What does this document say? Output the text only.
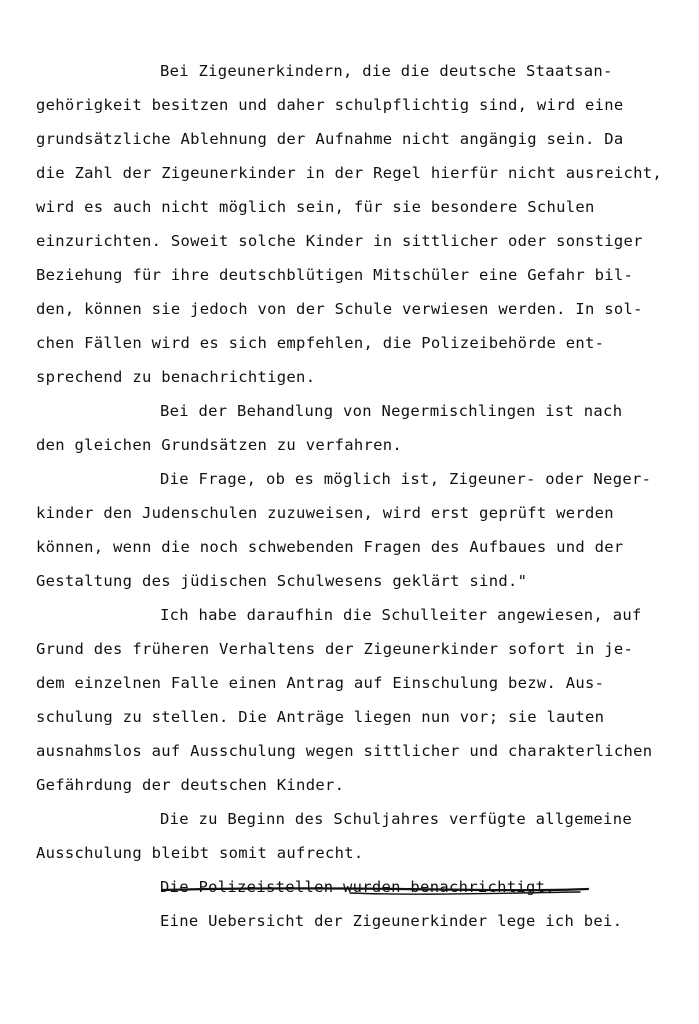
Bei Zigeunerkindern, die die deutsche Staatsan-
gehörigkeit besitzen und daher schulpflichtig sind, wird eine
grundsätzliche Ablehnung der Aufnahme nicht angängig sein. Da
die Zahl der Zigeunerkinder in der Regel hierfür nicht ausreicht,
wird es auch nicht möglich sein, für sie besondere Schulen
einzurichten. Soweit solche Kinder in sittlicher oder sonstiger
Beziehung für ihre deutschblütigen Mitschüler eine Gefahr bil-
den, können sie jedoch von der Schule verwiesen werden. In sol-
chen Fällen wird es sich empfehlen, die Polizeibehörde ent-
sprechend zu benachrichtigen.
Bei der Behandlung von Negermischlingen ist nach
den gleichen Grundsätzen zu verfahren.
Die Frage, ob es möglich ist, Zigeuner- oder Neger-
kinder den Judenschulen zuzuweisen, wird erst geprüft werden
können, wenn die noch schwebenden Fragen des Aufbaues und der
Gestaltung des jüdischen Schulwesens geklärt sind."
Ich habe daraufhin die Schulleiter angewiesen, auf
Grund des früheren Verhaltens der Zigeunerkinder sofort in je-
dem einzelnen Falle einen Antrag auf Einschulung bezw. Aus-
schulung zu stellen. Die Anträge liegen nun vor; sie lauten
ausnahmslos auf Ausschulung wegen sittlicher und charakterlichen
Gefährdung der deutschen Kinder.
Die zu Beginn des Schuljahres verfügte allgemeine
Ausschulung bleibt somit aufrecht.
Die Polizeistellen wurden benachrichtigt.
Eine Uebersicht der Zigeunerkinder lege ich bei.
